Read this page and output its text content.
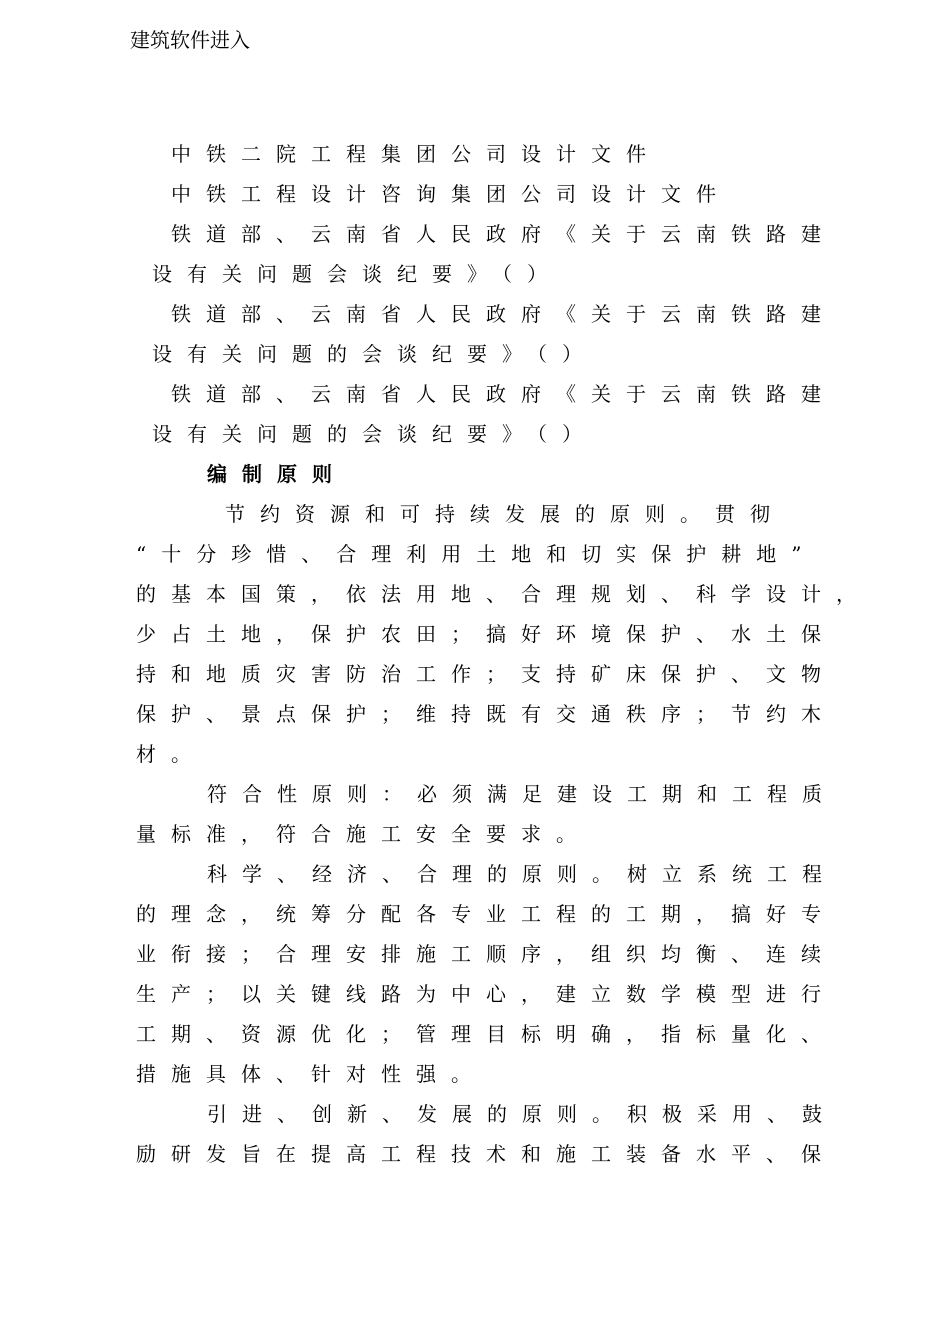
建筑软件进入
中铁二院工程集团公司设计文件
中铁工程设计咨询集团公司设计文件
铁道部、云南省人民政府《关于云南铁路建
设有关问题会谈纪要》（）
铁道部、云南省人民政府《关于云南铁路建
设有关问题的会谈纪要》（）
铁道部、云南省人民政府《关于云南铁路建
设有关问题的会谈纪要》（）
编制原则
节约资源和可持续发展的原则。贯彻
“十分珍惜、合理利用土地和切实保护耕地”
的基本国策，依法用地、合理规划、科学设计，
少占土地，保护农田；搞好环境保护、水土保
持和地质灾害防治工作；支持矿床保护、文物
保护、景点保护；维持既有交通秩序；节约木
材。
符合性原则：必须满足建设工期和工程质
量标准，符合施工安全要求。
科学、经济、合理的原则。树立系统工程
的理念，统筹分配各专业工程的工期，搞好专
业衔接；合理安排施工顺序，组织均衡、连续
生产；以关键线路为中心，建立数学模型进行
工期、资源优化；管理目标明确，指标量化、
措施具体、针对性强。
引进、创新、发展的原则。积极采用、鼓
励研发旨在提高工程技术和施工装备水平、保
